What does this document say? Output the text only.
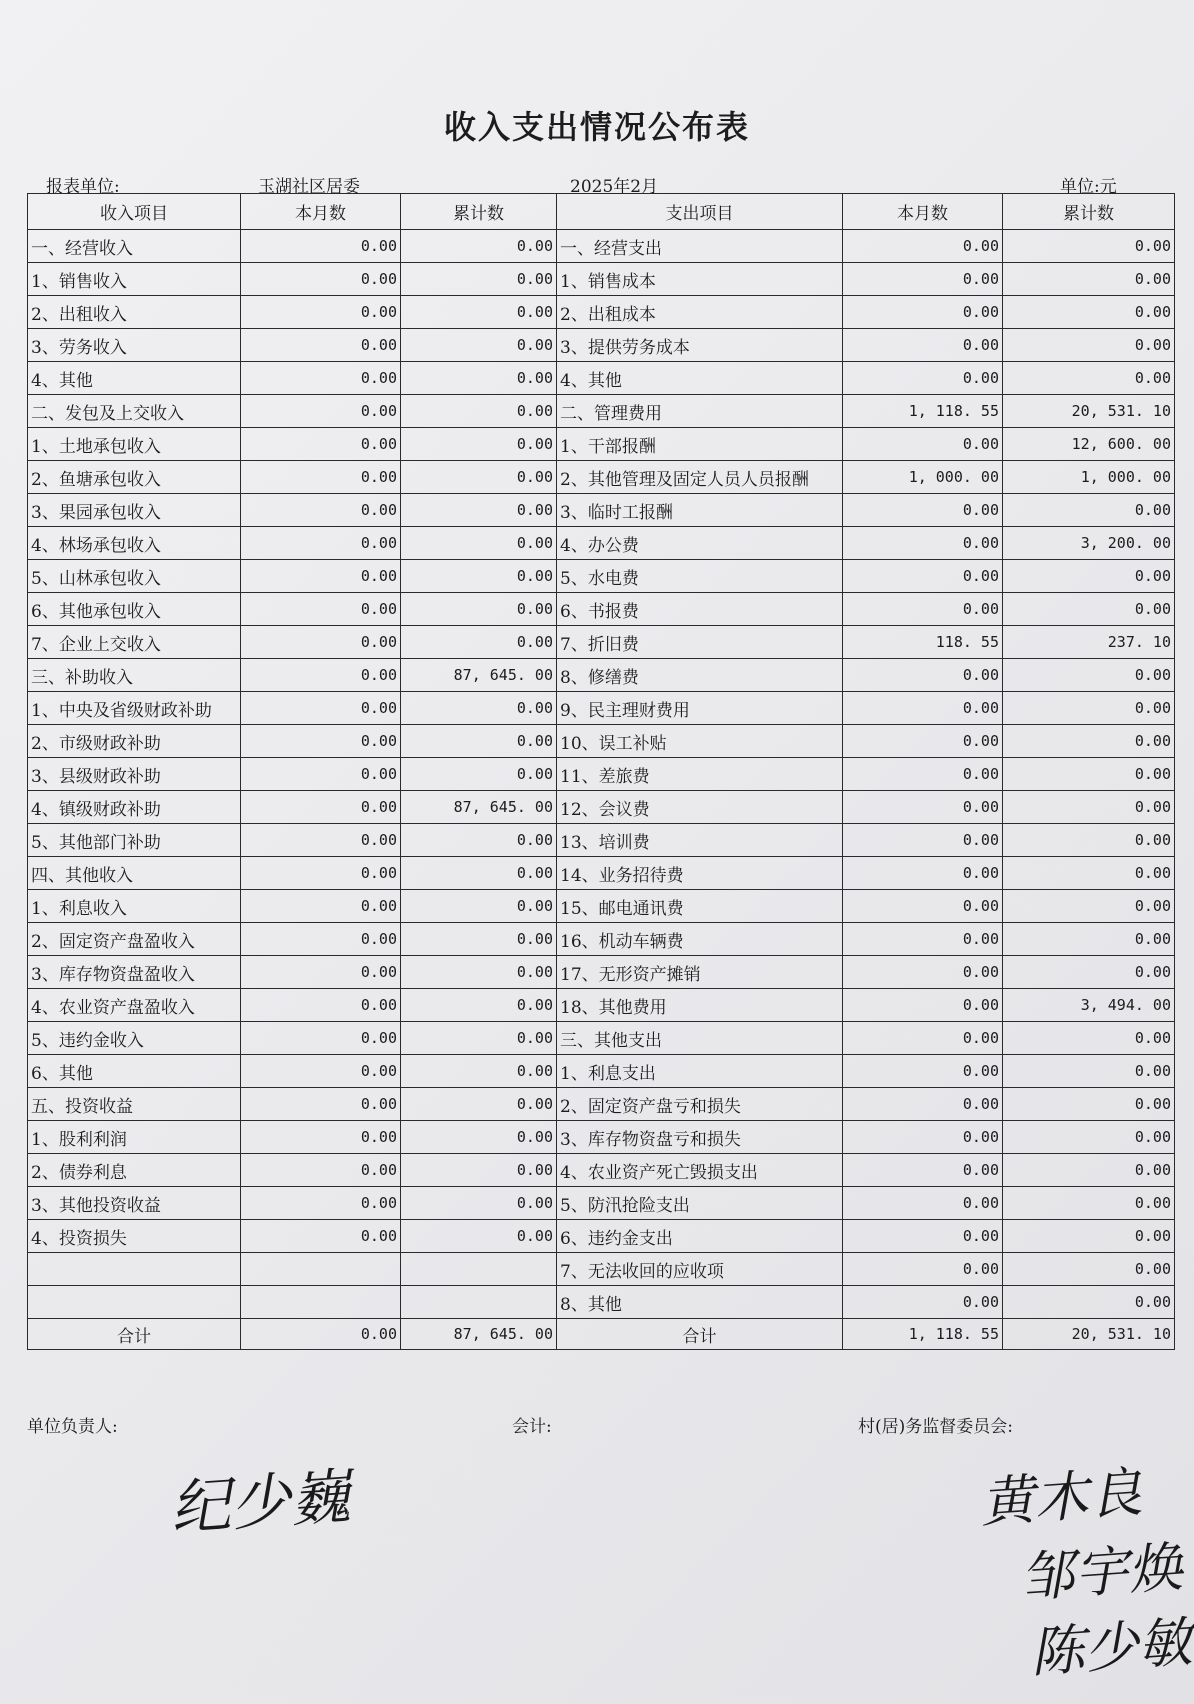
收入支出情况公布表
报表单位:	玉湖社区居委	2025年2月	单位:元
收入项目	本月数	累计数	支出项目	本月数	累计数
一、经营收入	0.00	0.00	一、经营支出	0.00	0.00
1、销售收入	0.00	0.00	1、销售成本	0.00	0.00
2、出租收入	0.00	0.00	2、出租成本	0.00	0.00
3、劳务收入	0.00	0.00	3、提供劳务成本	0.00	0.00
4、其他	0.00	0.00	4、其他	0.00	0.00
二、发包及上交收入	0.00	0.00	二、管理费用	1, 118. 55	20, 531. 10
1、土地承包收入	0.00	0.00	1、干部报酬	0.00	12, 600. 00
2、鱼塘承包收入	0.00	0.00	2、其他管理及固定人员人员报酬	1, 000. 00	1, 000. 00
3、果园承包收入	0.00	0.00	3、临时工报酬	0.00	0.00
4、林场承包收入	0.00	0.00	4、办公费	0.00	3, 200. 00
5、山林承包收入	0.00	0.00	5、水电费	0.00	0.00
6、其他承包收入	0.00	0.00	6、书报费	0.00	0.00
7、企业上交收入	0.00	0.00	7、折旧费	118. 55	237. 10
三、补助收入	0.00	87, 645. 00	8、修缮费	0.00	0.00
1、中央及省级财政补助	0.00	0.00	9、民主理财费用	0.00	0.00
2、市级财政补助	0.00	0.00	10、误工补贴	0.00	0.00
3、县级财政补助	0.00	0.00	11、差旅费	0.00	0.00
4、镇级财政补助	0.00	87, 645. 00	12、会议费	0.00	0.00
5、其他部门补助	0.00	0.00	13、培训费	0.00	0.00
四、其他收入	0.00	0.00	14、业务招待费	0.00	0.00
1、利息收入	0.00	0.00	15、邮电通讯费	0.00	0.00
2、固定资产盘盈收入	0.00	0.00	16、机动车辆费	0.00	0.00
3、库存物资盘盈收入	0.00	0.00	17、无形资产摊销	0.00	0.00
4、农业资产盘盈收入	0.00	0.00	18、其他费用	0.00	3, 494. 00
5、违约金收入	0.00	0.00	三、其他支出	0.00	0.00
6、其他	0.00	0.00	1、利息支出	0.00	0.00
五、投资收益	0.00	0.00	2、固定资产盘亏和损失	0.00	0.00
1、股利利润	0.00	0.00	3、库存物资盘亏和损失	0.00	0.00
2、债券利息	0.00	0.00	4、农业资产死亡毁损支出	0.00	0.00
3、其他投资收益	0.00	0.00	5、防汛抢险支出	0.00	0.00
4、投资损失	0.00	0.00	6、违约金支出	0.00	0.00
			7、无法收回的应收项	0.00	0.00
			8、其他	0.00	0.00
合计	0.00	87, 645. 00	合计	1, 118. 55	20, 531. 10
单位负责人:	会计:	村(居)务监督委员会:
纪少巍	黄木良
邹宇焕
陈少敏
